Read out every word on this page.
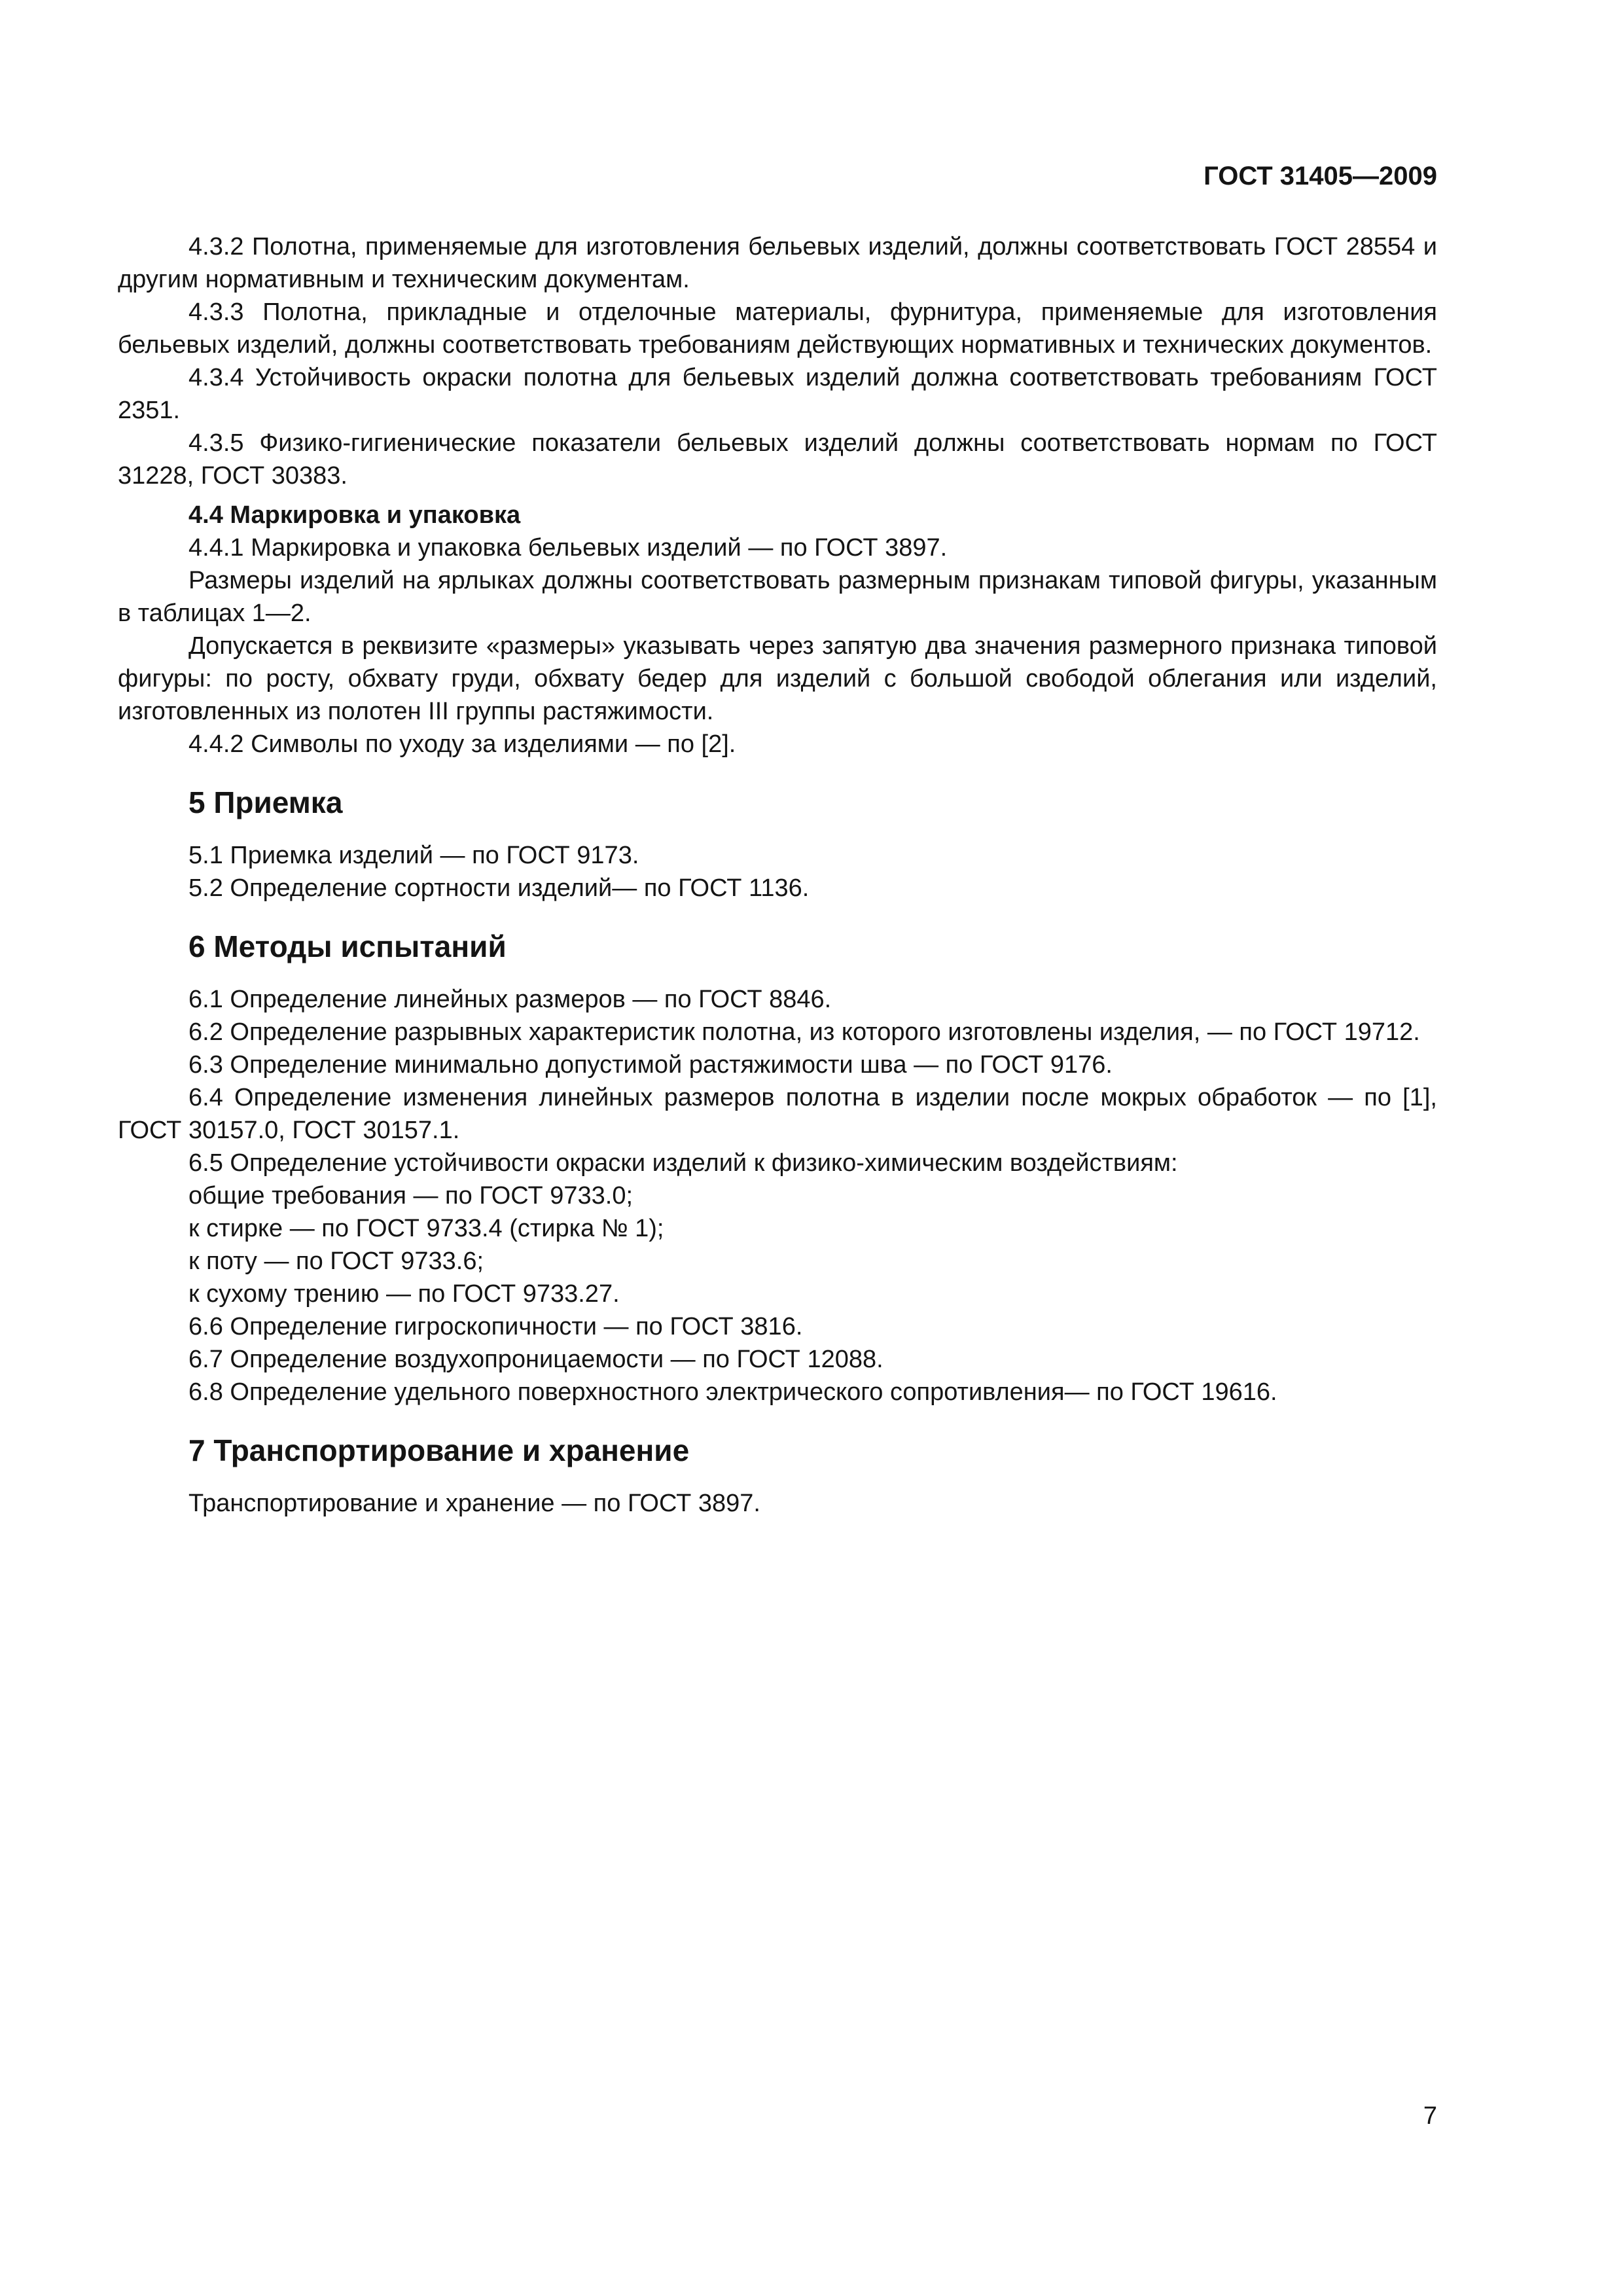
ГОСТ 31405—2009

4.3.2 Полотна, применяемые для изготовления бельевых изделий, должны соответствовать ГОСТ 28554 и другим нормативным и техническим документам.

4.3.3 Полотна, прикладные и отделочные материалы, фурнитура, применяемые для изготовления бельевых изделий, должны соответствовать требованиям действующих нормативных и технических документов.

4.3.4 Устойчивость окраски полотна для бельевых изделий должна соответствовать требованиям ГОСТ 2351.

4.3.5 Физико-гигиенические показатели бельевых изделий должны соответствовать нормам по ГОСТ 31228, ГОСТ 30383.

4.4 Маркировка и упаковка

4.4.1 Маркировка и упаковка бельевых изделий — по ГОСТ 3897.

Размеры изделий на ярлыках должны соответствовать размерным признакам типовой фигуры, указанным в таблицах 1—2.

Допускается в реквизите «размеры» указывать через запятую два значения размерного признака типовой фигуры: по росту, обхвату груди, обхвату бедер для изделий с большой свободой облегания или изделий, изготовленных из полотен III группы растяжимости.

4.4.2 Символы по уходу за изделиями — по [2].

5 Приемка

5.1 Приемка изделий — по ГОСТ 9173.

5.2 Определение сортности изделий— по ГОСТ 1136.

6 Методы испытаний

6.1 Определение линейных размеров — по ГОСТ 8846.

6.2 Определение разрывных характеристик полотна, из которого изготовлены изделия, — по ГОСТ 19712.

6.3 Определение минимально допустимой растяжимости шва — по ГОСТ 9176.

6.4 Определение изменения линейных размеров полотна в изделии после мокрых обработок — по [1], ГОСТ 30157.0, ГОСТ 30157.1.

6.5 Определение устойчивости окраски изделий к физико-химическим воздействиям:

общие требования — по ГОСТ 9733.0;

к стирке — по ГОСТ 9733.4 (стирка № 1);

к поту — по ГОСТ 9733.6;

к сухому трению — по ГОСТ 9733.27.

6.6 Определение гигроскопичности — по ГОСТ 3816.

6.7 Определение воздухопроницаемости — по ГОСТ 12088.

6.8 Определение удельного поверхностного электрического сопротивления— по ГОСТ 19616.

7 Транспортирование и хранение

Транспортирование и хранение — по ГОСТ 3897.

7
